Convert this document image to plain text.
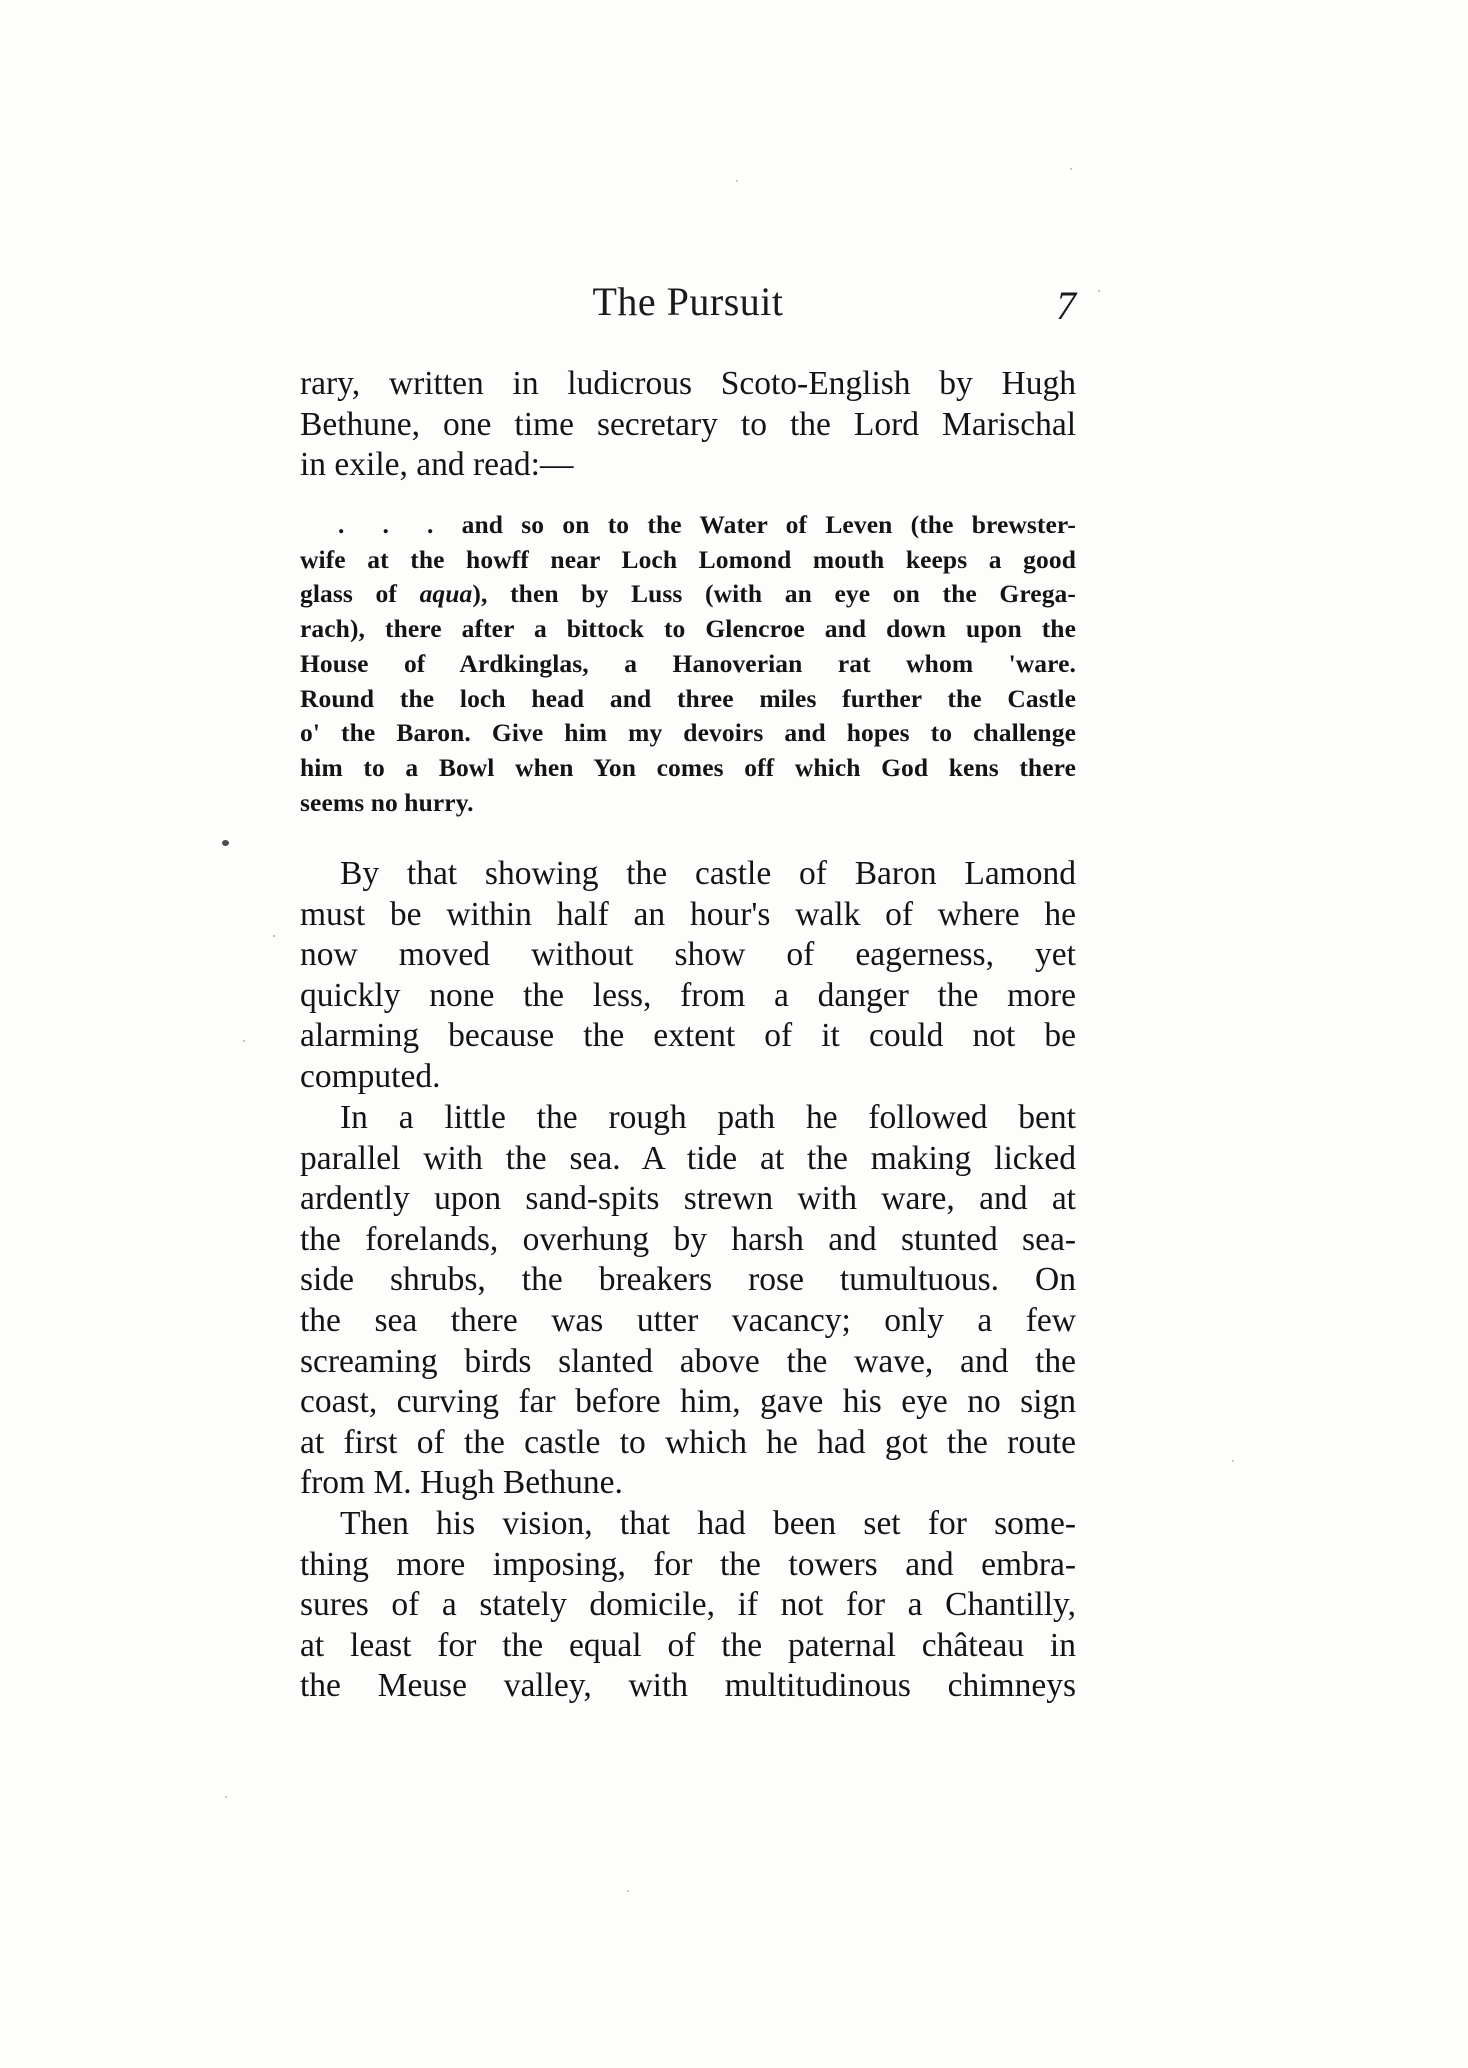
The Pursuit	7
rary, written in ludicrous Scoto-English by Hugh
Bethune, one time secretary to the Lord Marischal
in exile, and read:—
. . . and so on to the Water of Leven (the brewster-
wife at the howff near Loch Lomond mouth keeps a good
glass of aqua), then by Luss (with an eye on the Grega-
rach), there after a bittock to Glencroe and down upon the
House of Ardkinglas, a Hanoverian rat whom 'ware.
Round the loch head and three miles further the Castle
o' the Baron. Give him my devoirs and hopes to challenge
him to a Bowl when Yon comes off which God kens there
seems no hurry.
By that showing the castle of Baron Lamond
must be within half an hour's walk of where he
now moved without show of eagerness, yet
quickly none the less, from a danger the more
alarming because the extent of it could not be
computed.
In a little the rough path he followed bent
parallel with the sea. A tide at the making licked
ardently upon sand-spits strewn with ware, and at
the forelands, overhung by harsh and stunted sea-
side shrubs, the breakers rose tumultuous. On
the sea there was utter vacancy; only a few
screaming birds slanted above the wave, and the
coast, curving far before him, gave his eye no sign
at first of the castle to which he had got the route
from M. Hugh Bethune.
Then his vision, that had been set for some-
thing more imposing, for the towers and embra-
sures of a stately domicile, if not for a Chantilly,
at least for the equal of the paternal château in
the Meuse valley, with multitudinous chimneys
